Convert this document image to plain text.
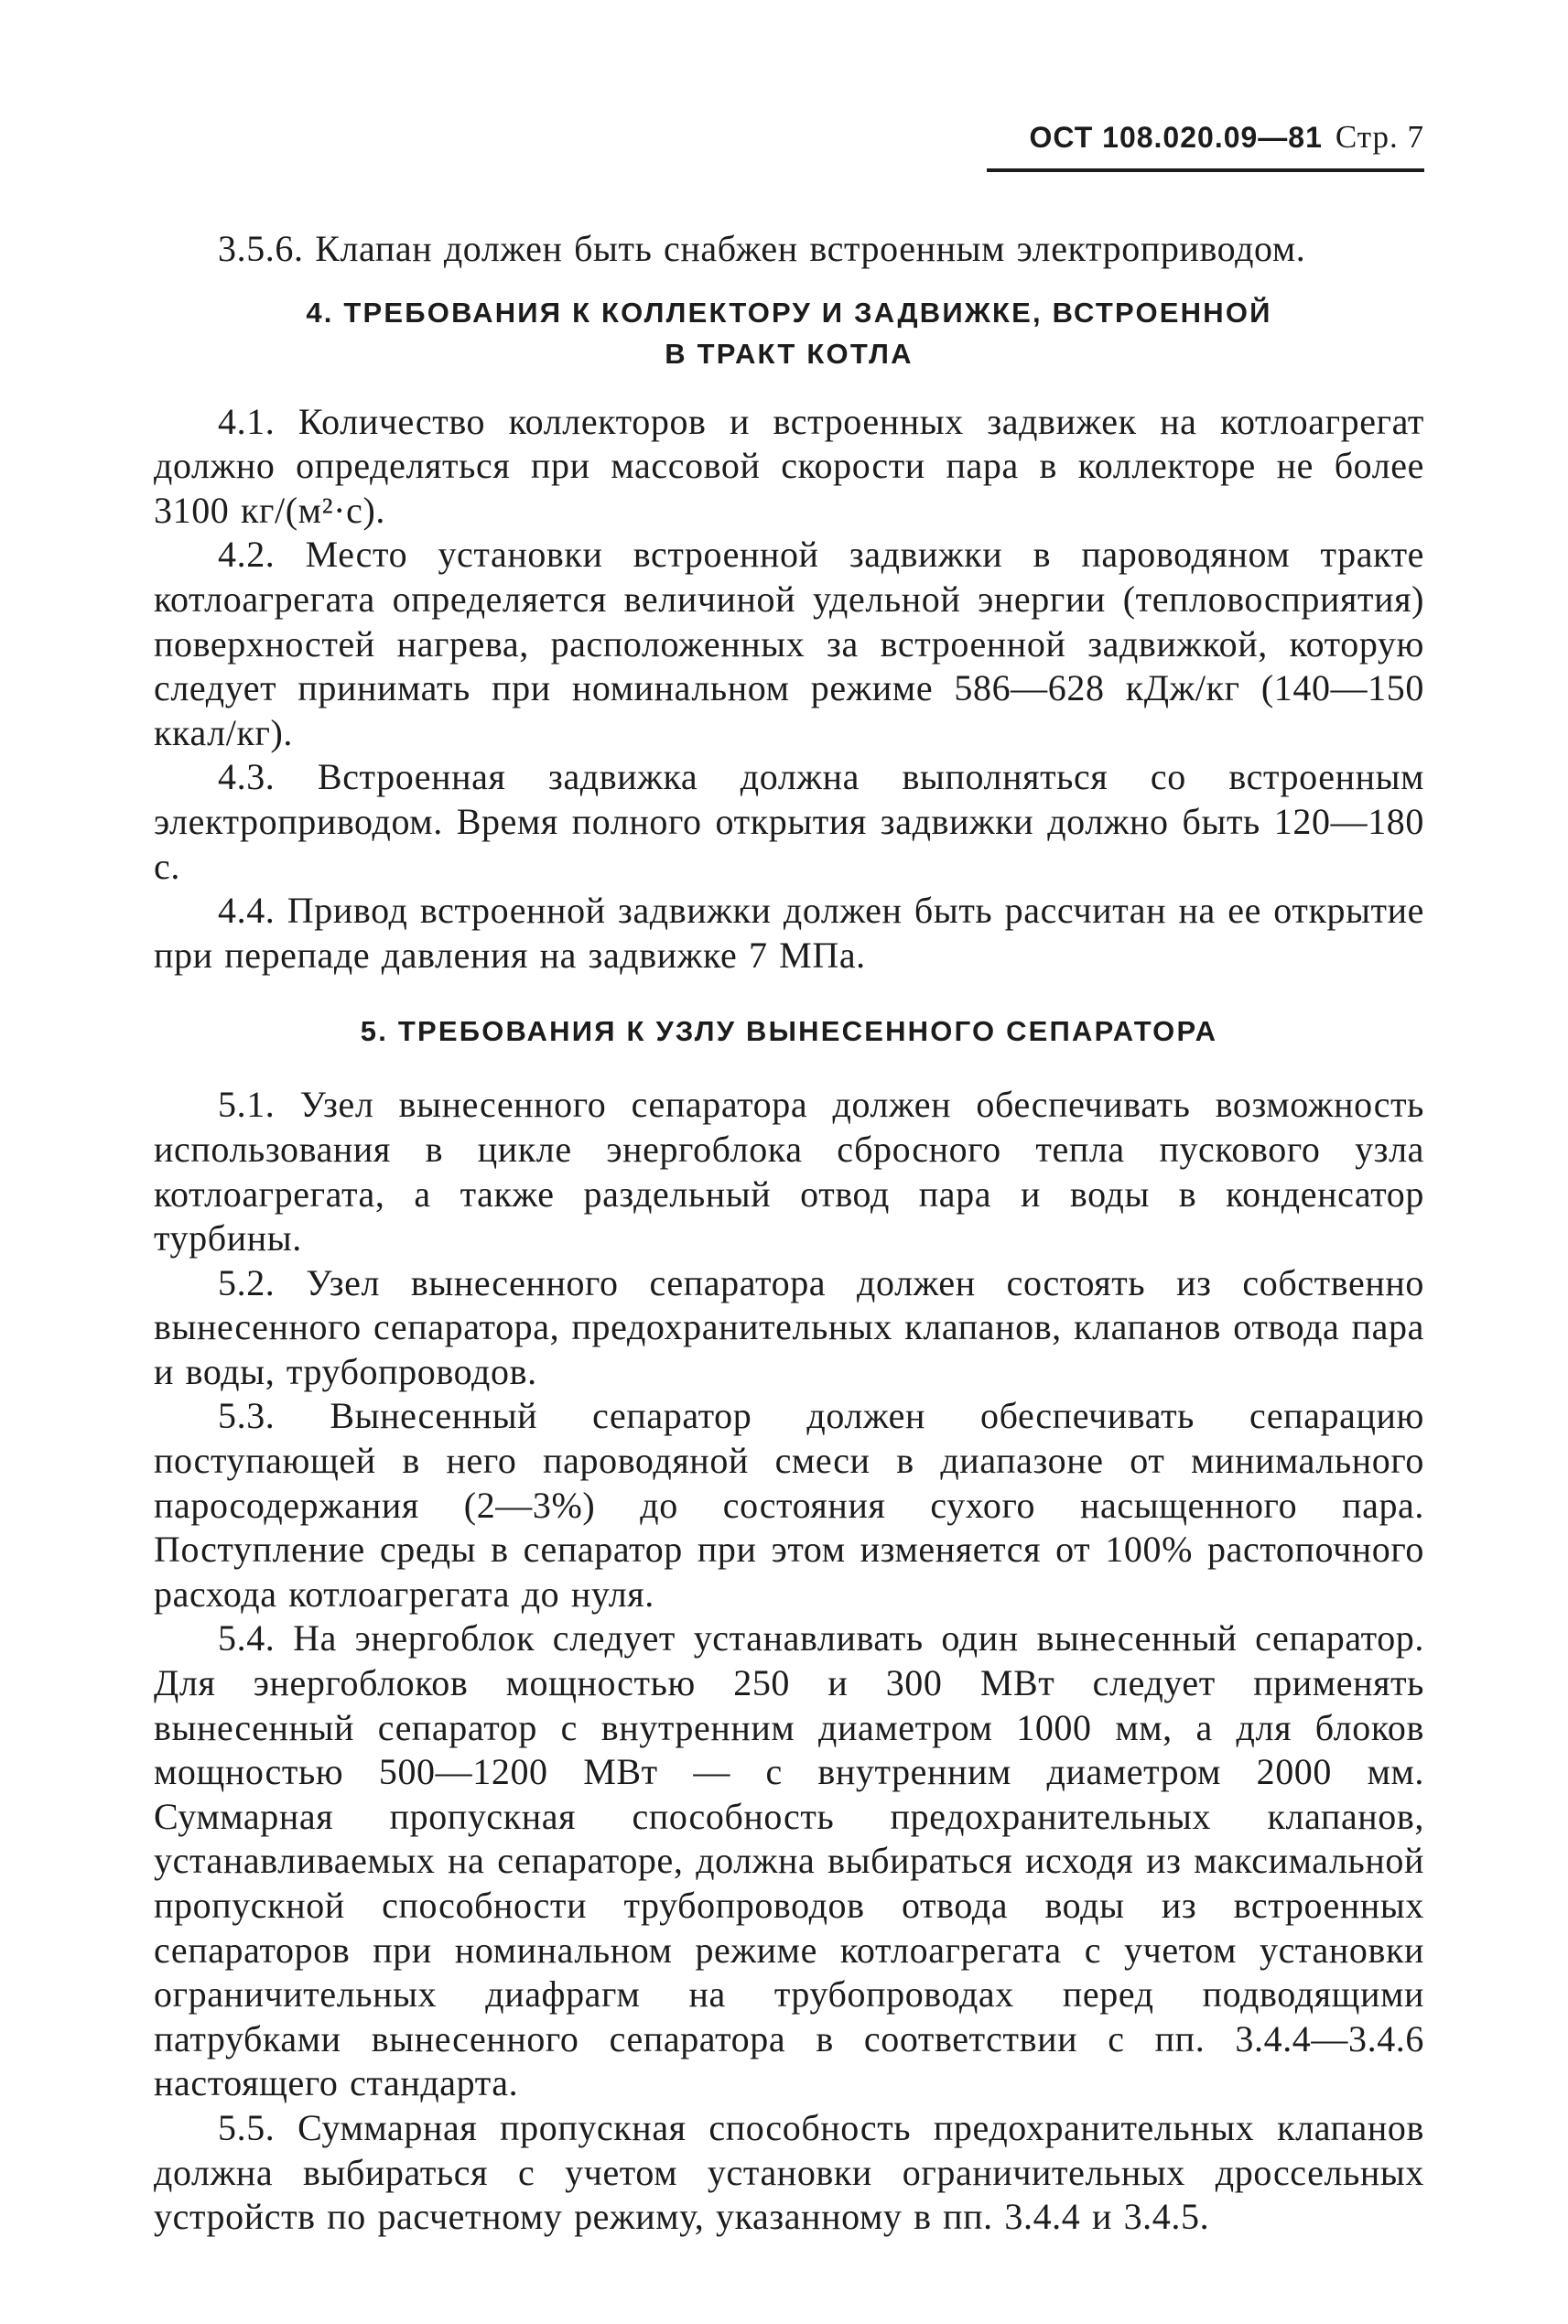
ОСТ 108.020.09—81 Стр. 7

3.5.6. Клапан должен быть снабжен встроенным электроприводом.

4. ТРЕБОВАНИЯ К КОЛЛЕКТОРУ И ЗАДВИЖКЕ, ВСТРОЕННОЙ

В ТРАКТ КОТЛА

4.1. Количество коллекторов и встроенных задвижек на котлоагрегат должно определяться при массовой скорости пара в коллекторе не более 3100 кг/(м²·с).

4.2. Место установки встроенной задвижки в пароводяном тракте котлоагрегата определяется величиной удельной энергии (тепловосприятия) поверхностей нагрева, расположенных за встроенной задвижкой, которую следует принимать при номинальном режиме 586—628 кДж/кг (140—150 ккал/кг).

4.3. Встроенная задвижка должна выполняться со встроенным электроприводом. Время полного открытия задвижки должно быть 120—180 с.

4.4. Привод встроенной задвижки должен быть рассчитан на ее открытие при перепаде давления на задвижке 7 МПа.

5. ТРЕБОВАНИЯ К УЗЛУ ВЫНЕСЕННОГО СЕПАРАТОРА

5.1. Узел вынесенного сепаратора должен обеспечивать возможность использования в цикле энергоблока сбросного тепла пускового узла котлоагрегата, а также раздельный отвод пара и воды в конденсатор турбины.

5.2. Узел вынесенного сепаратора должен состоять из собственно вынесенного сепаратора, предохранительных клапанов, клапанов отвода пара и воды, трубопроводов.

5.3. Вынесенный сепаратор должен обеспечивать сепарацию поступающей в него пароводяной смеси в диапазоне от минимального паросодержания (2—3%) до состояния сухого насыщенного пара. Поступление среды в сепаратор при этом изменяется от 100% растопочного расхода котлоагрегата до нуля.

5.4. На энергоблок следует устанавливать один вынесенный сепаратор. Для энергоблоков мощностью 250 и 300 МВт следует применять вынесенный сепаратор с внутренним диаметром 1000 мм, а для блоков мощностью 500—1200 МВт — с внутренним диаметром 2000 мм. Суммарная пропускная способность предохранительных клапанов, устанавливаемых на сепараторе, должна выбираться исходя из максимальной пропускной способности трубопроводов отвода воды из встроенных сепараторов при номинальном режиме котлоагрегата с учетом установки ограничительных диафрагм на трубопроводах перед подводящими патрубками вынесенного сепаратора в соответствии с пп. 3.4.4—3.4.6 настоящего стандарта.

5.5. Суммарная пропускная способность предохранительных клапанов должна выбираться с учетом установки ограничительных дроссельных устройств по расчетному режиму, указанному в пп. 3.4.4 и 3.4.5.
